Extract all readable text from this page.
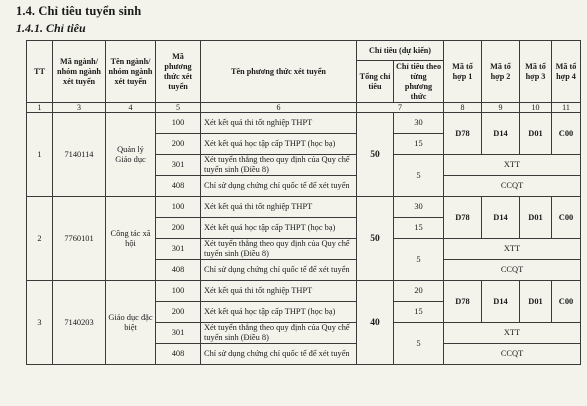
1.4. Chỉ tiêu tuyển sinh
1.4.1. Chỉ tiêu
TT	Mã ngành/ nhóm ngành xét tuyển	Tên ngành/ nhóm ngành xét tuyển	Mã phương thức xét tuyển	Tên phương thức xét tuyển	Chỉ tiêu (dự kiến)		Mã tổ hợp 1	Mã tổ hợp 2	Mã tổ hợp 3	Mã tổ hợp 4
					Tổng chỉ tiêu	Chỉ tiêu theo từng phương thức				
1	3	4	5	6	7		8	9	10	11
1	7140114	Quản lý Giáo dục	100	Xét kết quả thi tốt nghiệp THPT	50	30	D78	D14	D01	C00
			200	Xét kết quả học tập cấp THPT (học bạ)		15				
			301	Xét tuyển thẳng theo quy định của Quy chế tuyển sinh (Điều 8)		5	XTT			
			408	Chỉ sử dụng chứng chỉ quốc tế để xét tuyển			CCQT			
2	7760101	Công tác xã hội	100	Xét kết quả thi tốt nghiệp THPT	50	30	D78	D14	D01	C00
			200	Xét kết quả học tập cấp THPT (học bạ)		15				
			301	Xét tuyển thẳng theo quy định của Quy chế tuyển sinh (Điều 8)		5	XTT			
			408	Chỉ sử dụng chứng chỉ quốc tế để xét tuyển			CCQT			
3	7140203	Giáo dục đặc biệt	100	Xét kết quả thi tốt nghiệp THPT	40	20	D78	D14	D01	C00
			200	Xét kết quả học tập cấp THPT (học bạ)		15				
			301	Xét tuyển thẳng theo quy định của Quy chế tuyển sinh (Điều 8)		5	XTT			
			408	Chỉ sử dụng chứng chỉ quốc tế để xét tuyển			CCQT			
